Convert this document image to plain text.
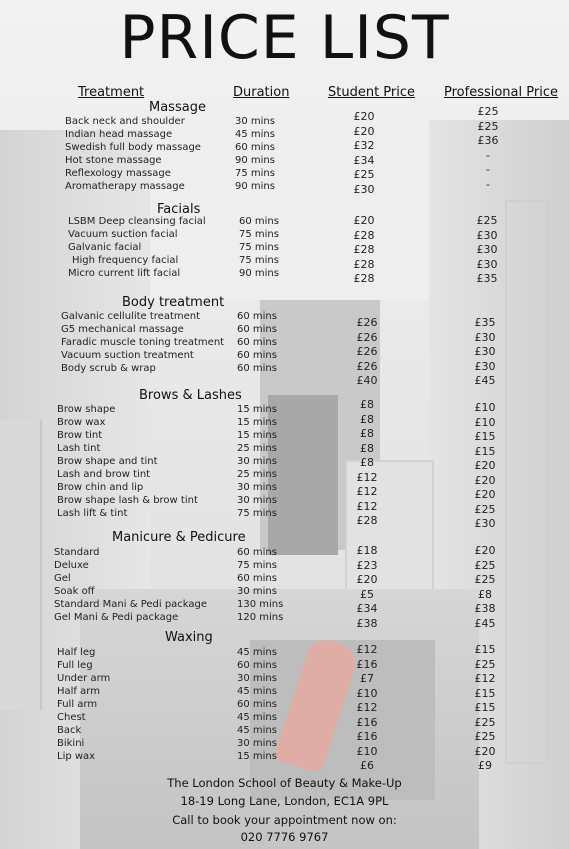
PRICE LIST
Treatment	Duration	Student Price Professional Price
Massage
Back neck and shoulder
Indian head massage
Swedish full body massage
Hot stone massage
Reflexology massage
Aromatherapy massage
30 mins
45 mins
60 mins
90 mins
75 mins
90 mins
£20
£20
£32
£34
£25
£30
£25
£25
£36
-
-
-
Facials
LSBM Deep cleansing facial
Vacuum suction facial
Galvanic facial
High frequency facial
Micro current lift facial
60 mins
75 mins
75 mins
75 mins
90 mins
£20
£28
£28
£28
£28
£25
£30
£30
£30
£35
Body treatment
Galvanic cellulite treatment
G5 mechanical massage
Faradic muscle toning treatment
Vacuum suction treatment
Body scrub & wrap
60 mins
60 mins
60 mins
60 mins
60 mins
£26
£26
£26
£26
£40
£35
£30
£30
£30
£45
Brows & Lashes
Brow shape
Brow wax
Brow tint
Lash tint
Brow shape and tint
Lash and brow tint
Brow chin and lip
Brow shape lash & brow tint
Lash lift & tint
15 mins
15 mins
15 mins
25 mins
30 mins
25 mins
30 mins
30 mins
75 mins
£8
£8
£8
£8
£8
£12
£12
£12
£28
£10
£10
£15
£15
£20
£20
£20
£25
£30
Manicure & Pedicure
Standard
Deluxe
Gel
Soak off
Standard Mani & Pedi package
Gel Mani & Pedi package
60 mins
75 mins
60 mins
30 mins
130 mins
120 mins
£18
£23
£20
£5
£34
£38
£20
£25
£25
£8
£38
£45
Waxing
Half leg
Full leg
Under arm
Half arm
Full arm
Chest
Back
Bikini
Lip wax
45 mins
60 mins
30 mins
45 mins
60 mins
45 mins
45 mins
30 mins
15 mins
£12
£16
£7
£10
£12
£16
£16
£10
£6
£15
£25
£12
£15
£15
£25
£25
£20
£9
The London School of Beauty & Make-Up
18-19 Long Lane, London, EC1A 9PL
Call to book your appointment now on:
020 7776 9767
